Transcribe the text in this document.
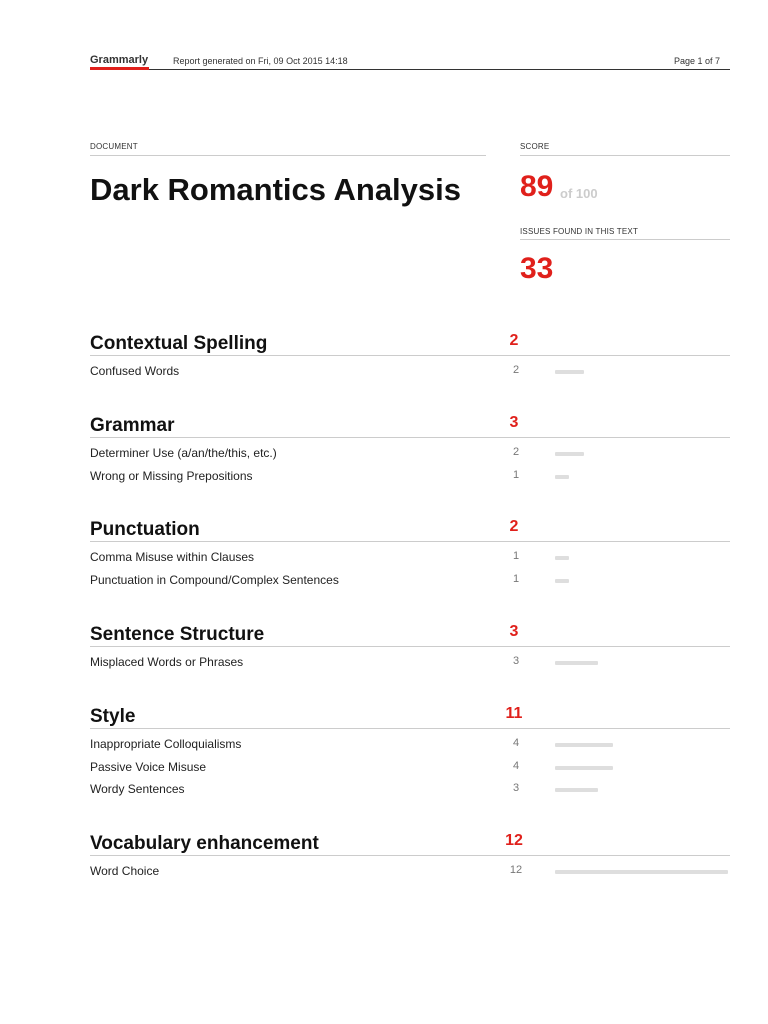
Grammarly	Report generated on Fri, 09 Oct 2015 14:18	Page 1 of 7
DOCUMENT
Dark Romantics Analysis
SCORE
89 of 100
ISSUES FOUND IN THIS TEXT
33
Contextual Spelling	2
Confused Words	2
Grammar	3
Determiner Use (a/an/the/this, etc.)	2
Wrong or Missing Prepositions	1
Punctuation	2
Comma Misuse within Clauses	1
Punctuation in Compound/Complex Sentences	1
Sentence Structure	3
Misplaced Words or Phrases	3
Style	11
Inappropriate Colloquialisms	4
Passive Voice Misuse	4
Wordy Sentences	3
Vocabulary enhancement	12
Word Choice	12
